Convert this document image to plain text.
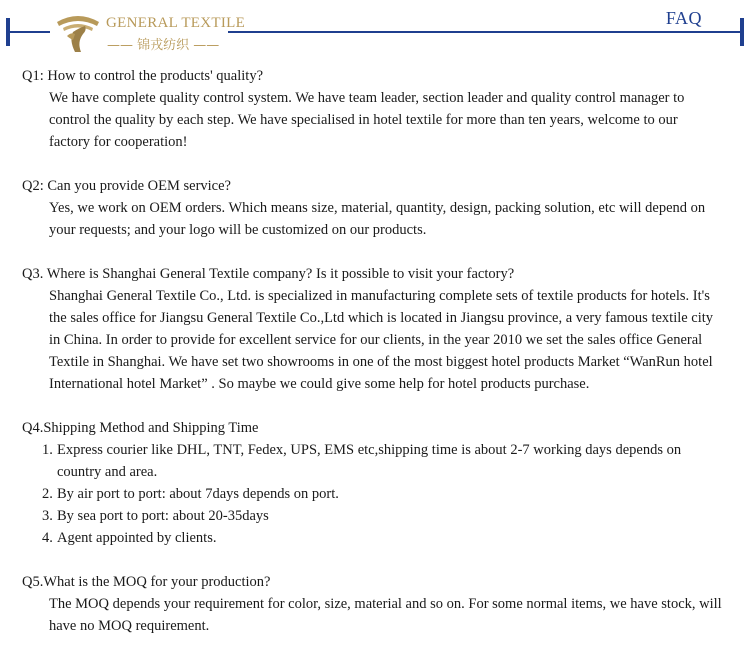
GENERAL TEXTILE
—— 锦戎纺织 ——
FAQ

Q1: How to control the products' quality?

We have complete quality control system. We have team leader, section leader and quality control manager to control the quality by each step. We have specialised in hotel textile for more than ten years, welcome to our factory for cooperation!

Q2: Can you provide OEM service?

Yes, we work on OEM orders. Which means size, material, quantity, design, packing solution, etc will depend on your requests; and your logo will be customized on our products.

Q3. Where is Shanghai General Textile company? Is it possible to visit your factory?

Shanghai General Textile Co., Ltd. is specialized in manufacturing complete sets of textile products for hotels. It's the sales office for Jiangsu General Textile Co.,Ltd which is located in Jiangsu province, a very famous textile city in China. In order to provide for excellent service for our clients, in the year 2010 we set the sales office General Textile in Shanghai. We have set two showrooms in one of the most biggest hotel products Market “WanRun hotel International hotel Market” . So maybe we could give some help for hotel products purchase.

Q4.Shipping Method and Shipping Time

1. Express courier like DHL, TNT, Fedex, UPS, EMS etc,shipping time is about 2-7 working days depends on country and area.
2. By air port to port: about 7days depends on port.
3. By sea port to port: about 20-35days
4. Agent appointed by clients.

Q5.What is the MOQ for your production?

The MOQ depends your requirement for color, size, material and so on. For some normal items, we have stock, will have no MOQ requirement.
